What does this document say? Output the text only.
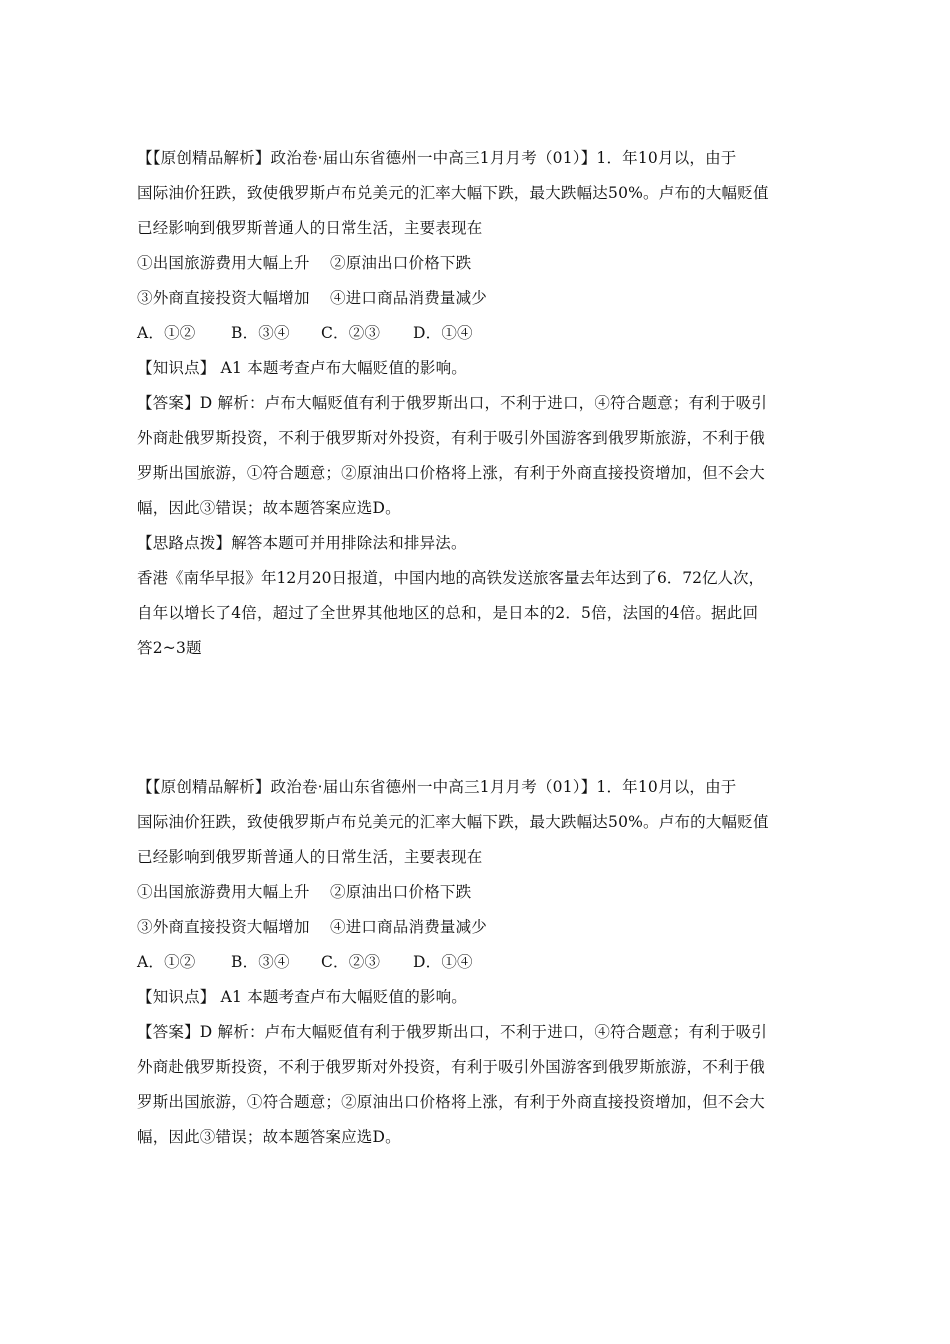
【【原创精品解析】政治卷·届山东省德州一中高三1月月考（01）】1．年10月以，由于
国际油价狂跌，致使俄罗斯卢布兑美元的汇率大幅下跌，最大跌幅达50%。卢布的大幅贬值
已经影响到俄罗斯普通人的日常生活，主要表现在
①出国旅游费用大幅上升 ②原油出口价格下跌
③外商直接投资大幅增加 ④进口商品消费量减少
A．①② B．③④ C．②③ D．①④
【知识点】 A1 本题考查卢布大幅贬值的影响。
【答案】D 解析：卢布大幅贬值有利于俄罗斯出口，不利于进口，④符合题意；有利于吸引
外商赴俄罗斯投资，不利于俄罗斯对外投资，有利于吸引外国游客到俄罗斯旅游，不利于俄
罗斯出国旅游，①符合题意；②原油出口价格将上涨，有利于外商直接投资增加，但不会大
幅，因此③错误；故本题答案应选D。
【思路点拨】解答本题可并用排除法和排异法。
香港《南华早报》年12月20日报道，中国内地的高铁发送旅客量去年达到了6．72亿人次，
自年以增长了4倍，超过了全世界其他地区的总和，是日本的2．5倍，法国的4倍。据此回
答2~3题
【【原创精品解析】政治卷·届山东省德州一中高三1月月考（01）】1．年10月以，由于
国际油价狂跌，致使俄罗斯卢布兑美元的汇率大幅下跌，最大跌幅达50%。卢布的大幅贬值
已经影响到俄罗斯普通人的日常生活，主要表现在
①出国旅游费用大幅上升 ②原油出口价格下跌
③外商直接投资大幅增加 ④进口商品消费量减少
A．①② B．③④ C．②③ D．①④
【知识点】 A1 本题考查卢布大幅贬值的影响。
【答案】D 解析：卢布大幅贬值有利于俄罗斯出口，不利于进口，④符合题意；有利于吸引
外商赴俄罗斯投资，不利于俄罗斯对外投资，有利于吸引外国游客到俄罗斯旅游，不利于俄
罗斯出国旅游，①符合题意；②原油出口价格将上涨，有利于外商直接投资增加，但不会大
幅，因此③错误；故本题答案应选D。
